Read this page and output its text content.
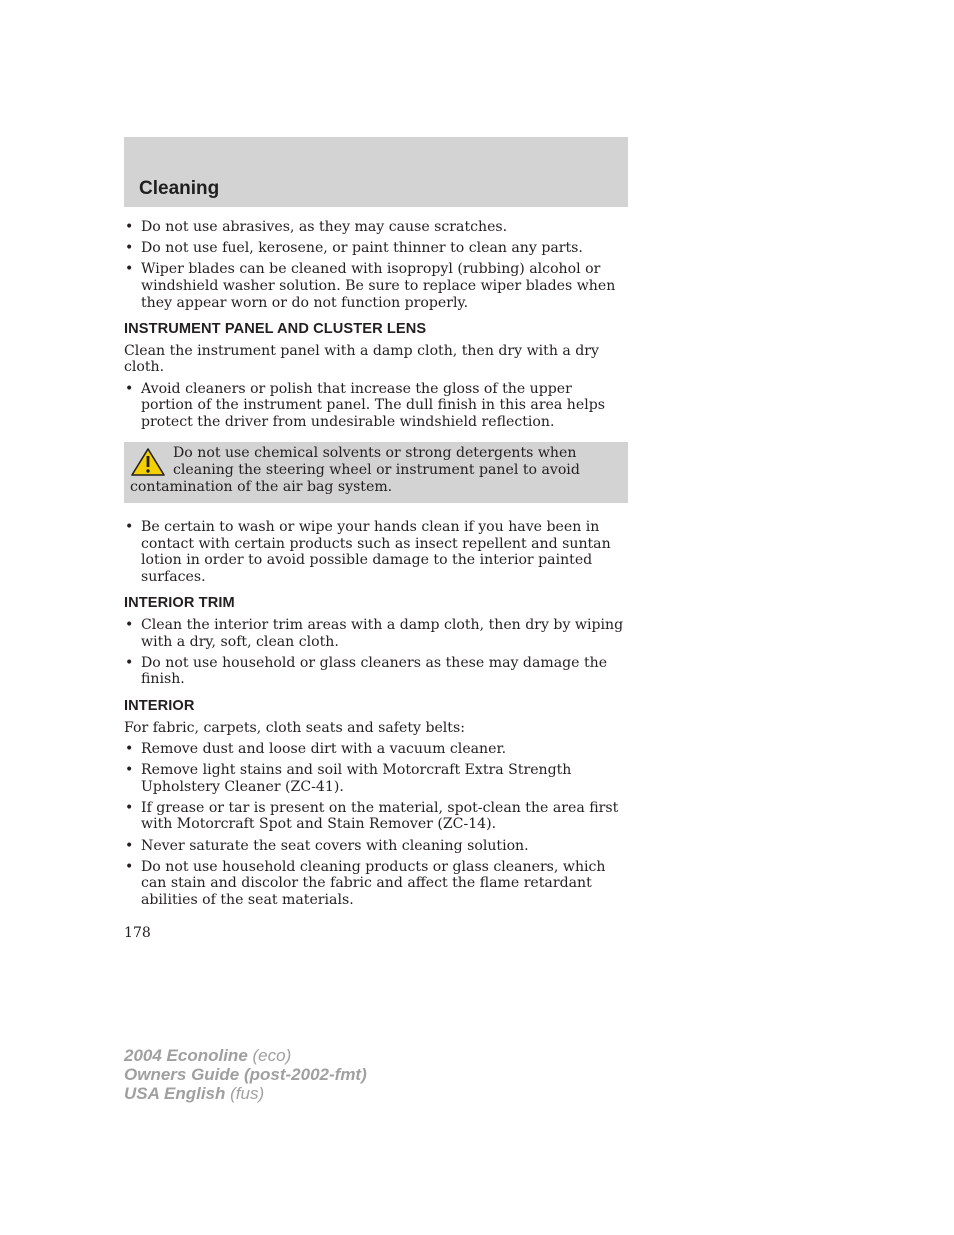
Cleaning
• Do not use abrasives, as they may cause scratches.
• Do not use fuel, kerosene, or paint thinner to clean any parts.
• Wiper blades can be cleaned with isopropyl (rubbing) alcohol or windshield washer solution. Be sure to replace wiper blades when they appear worn or do not function properly.
INSTRUMENT PANEL AND CLUSTER LENS

Clean the instrument panel with a damp cloth, then dry with a dry cloth.

• Avoid cleaners or polish that increase the gloss of the upper portion of the instrument panel. The dull finish in this area helps protect the driver from undesirable windshield reflection.
Do not use chemical solvents or strong detergents when cleaning the steering wheel or instrument panel to avoid contamination of the air bag system.
• Be certain to wash or wipe your hands clean if you have been in contact with certain products such as insect repellent and suntan lotion in order to avoid possible damage to the interior painted surfaces.
INTERIOR TRIM
• Clean the interior trim areas with a damp cloth, then dry by wiping with a dry, soft, clean cloth.
• Do not use household or glass cleaners as these may damage the finish.
INTERIOR

For fabric, carpets, cloth seats and safety belts:

• Remove dust and loose dirt with a vacuum cleaner.
• Remove light stains and soil with Motorcraft Extra Strength Upholstery Cleaner (ZC-41).
• If grease or tar is present on the material, spot-clean the area first with Motorcraft Spot and Stain Remover (ZC-14).
• Never saturate the seat covers with cleaning solution.
• Do not use household cleaning products or glass cleaners, which can stain and discolor the fabric and affect the flame retardant abilities of the seat materials.
178
2004 Econoline (eco)
Owners Guide (post-2002-fmt)
USA English (fus)
